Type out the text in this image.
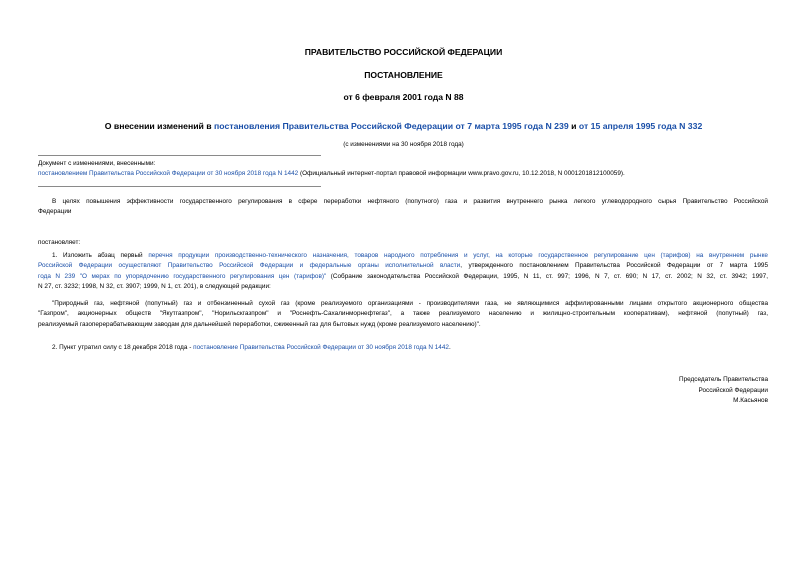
ПРАВИТЕЛЬСТВО РОССИЙСКОЙ ФЕДЕРАЦИИ
ПОСТАНОВЛЕНИЕ
от 6 февраля 2001 года N 88
О внесении изменений в постановления Правительства Российской Федерации от 7 марта 1995 года N 239 и от 15 апреля 1995 года N 332
(с изменениями на 30 ноября 2018 года)
Документ с изменениями, внесенными:
постановлением Правительства Российской Федерации от 30 ноября 2018 года N 1442 (Официальный интернет-портал правовой информации www.pravo.gov.ru, 10.12.2018, N 0001201812100059).
В целях повышения эффективности государственного регулирования в сфере переработки нефтяного (попутного) газа и развития внутреннего рынка легкого углеводородного сырья Правительство Российской
Федерации
постановляет:
1. Изложить абзац первый перечня продукции производственно-технического назначения, товаров народного потребления и услуг, на которые государственное регулирование цен (тарифов) на внутреннем рынке
Российской Федерации осуществляют Правительство Российской Федерации и федеральные органы исполнительной власти, утвержденного постановлением Правительства Российской Федерации от 7 марта 1995
года N 239 "О мерах по упорядочению государственного регулирования цен (тарифов)" (Собрание законодательства Российской Федерации, 1995, N 11, ст. 997; 1996, N 7, ст. 690; N 17, ст. 2002; N 32, ст. 3942; 1997,
N 27, ст. 3232; 1998, N 32, ст. 3907; 1999, N 1, ст. 201), в следующей редакции:
"Природный газ, нефтяной (попутный) газ и отбензиненный сухой газ (кроме реализуемого организациями - производителями газа, не являющимися аффилированными лицами открытого акционерного общества
"Газпром", акционерных обществ "Якутгазпром", "Норильскгазпром" и "Роснефть-Сахалинморнефтегаз", а также реализуемого населению и жилищно-строительным кооперативам), нефтяной (попутный) газ,
реализуемый газоперерабатывающим заводам для дальнейшей переработки, сжиженный газ для бытовых нужд (кроме реализуемого населению)".
2. Пункт утратил силу с 18 декабря 2018 года - постановление Правительства Российской Федерации от 30 ноября 2018 года N 1442.
Председатель Правительства
Российской Федерации
М.Касьянов
